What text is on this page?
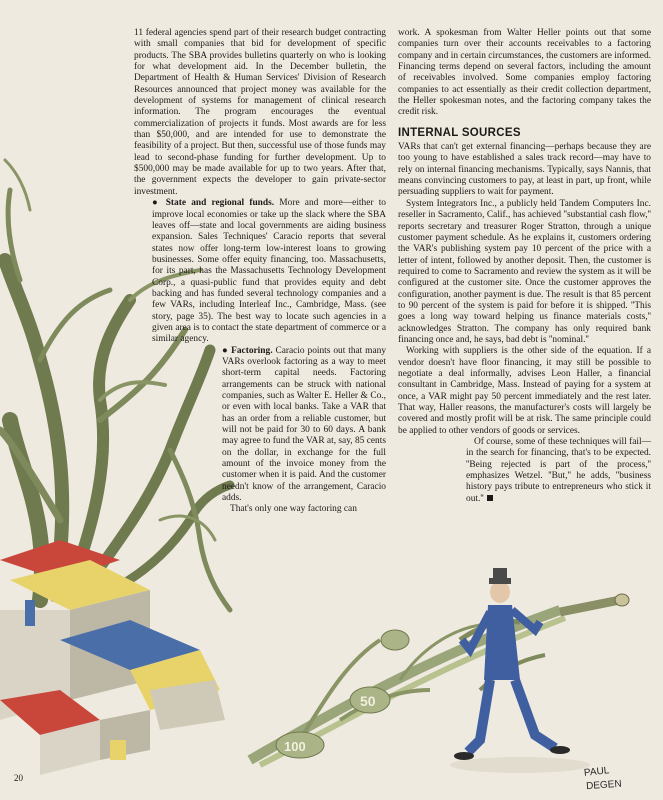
50
100

11 federal agencies spend part of their research budget contracting with small companies that bid for development of specific products. The SBA provides bulletins quarterly on who is looking for what development aid. In the December bulletin, the Department of Health & Human Services' Division of Research Resources announced that project money was available for the development of systems for management of clinical research information. The program encourages the eventual commercialization of projects it funds. Most awards are for less than $50,000, and are intended for use to demonstrate the feasibility of a project. But then, successful use of those funds may lead to second-phase funding for further development. Up to $500,000 may be made available for up to two years. After that, the government expects the developer to gain private-sector investment.

● State and regional funds. More and more—either to improve local economies or take up the slack where the SBA leaves off—state and local governments are aiding business expansion. Sales Techniques' Caracio reports that several states now offer long-term low-interest loans to growing businesses. Some offer equity financing, too. Massachusetts, for its part, has the Massachusetts Technology Development Corp., a quasi-public fund that provides equity and debt backing and has funded several technology companies and a few VARs, including Interleaf Inc., Cambridge, Mass. (see story, page 35). The best way to locate such agencies in a given area is to contact the state department of commerce or a similar agency.

● Factoring. Caracio points out that many VARs overlook factoring as a way to meet short-term capital needs. Factoring arrangements can be struck with national companies, such as Walter E. Heller & Co., or even with local banks. Take a VAR that has an order from a reliable customer, but will not be paid for 30 to 60 days. A bank may agree to fund the VAR at, say, 85 cents on the dollar, in exchange for the full amount of the invoice money from the customer when it is paid. And the customer needn't know of the arrangement, Caracio adds.

That's only one way factoring can

work. A spokesman from Walter Heller points out that some companies turn over their accounts receivables to a factoring company and in certain circumstances, the customers are informed. Financing terms depend on several factors, including the amount of receivables involved. Some companies employ factoring companies to act essentially as their credit collection department, the Heller spokesman notes, and the factoring company takes the credit risk.

INTERNAL SOURCES

VARs that can't get external financing—perhaps because they are too young to have established a sales track record—may have to rely on internal financing mechanisms. Typically, says Nannis, that means convincing customers to pay, at least in part, up front, while persuading suppliers to wait for payment.

System Integrators Inc., a publicly held Tandem Computers Inc. reseller in Sacramento, Calif., has achieved ''substantial cash flow,'' reports secretary and treasurer Roger Stratton, through a unique customer payment schedule. As he explains it, customers ordering the VAR's publishing system pay 10 percent of the price with a letter of intent, followed by another deposit. Then, the customer is required to come to Sacramento and review the system as it will be configured at the customer site. Once the customer approves the configuration, another payment is due. The result is that 85 percent to 90 percent of the system is paid for before it is shipped. ''This goes a long way toward helping us finance materials costs,'' acknowledges Stratton. The company has only required bank financing once and, he says, bad debt is ''nominal.''

Working with suppliers is the other side of the equation. If a vendor doesn't have floor financing, it may still be possible to negotiate a deal informally, advises Leon Haller, a financial consultant in Cambridge, Mass. Instead of paying for a system at once, a VAR might pay 50 percent immediately and the rest later. That way, Haller reasons, the manufacturer's costs will largely be covered and mostly profit will be at risk. The same principle could be applied to other vendors of goods or services.

Of course, some of these techniques will fail—in the search for financing, that's to be expected. ''Being rejected is part of the process,'' emphasizes Wetzel. ''But,'' he adds, ''business history pays tribute to entrepreneurs who stick it out.''

20	PAUL
DEGEN
